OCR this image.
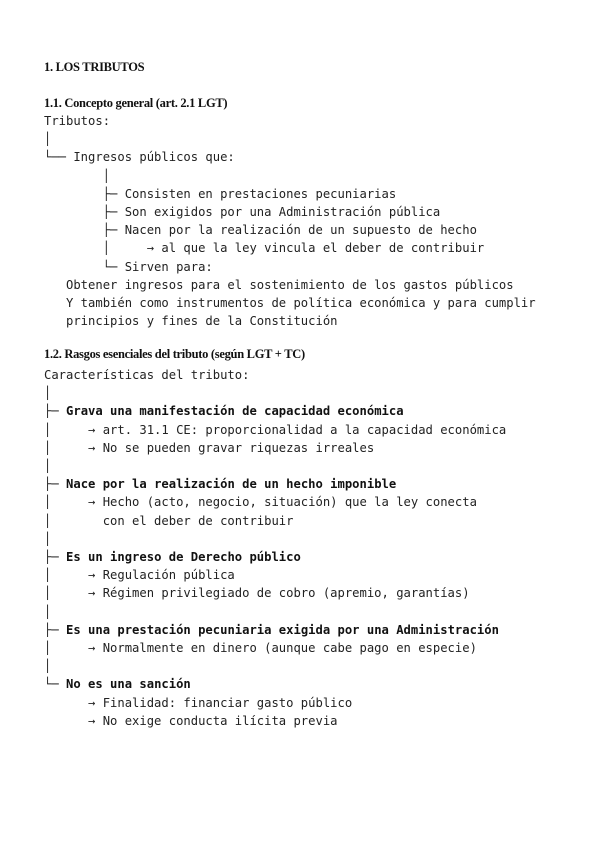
1. LOS TRIBUTOS
1.1. Concepto general (art. 2.1 LGT)
Tributos:
│
└── Ingresos públicos que:
│
├─ Consisten en prestaciones pecuniarias
├─ Son exigidos por una Administración pública
├─ Nacen por la realización de un supuesto de hecho
│     → al que la ley vincula el deber de contribuir
└─ Sirven para:
Obtener ingresos para el sostenimiento de los gastos públicos
Y también como instrumentos de política económica y para cumplir
principios y fines de la Constitución
1.2. Rasgos esenciales del tributo (según LGT + TC)
Características del tributo:
│
├─ Grava una manifestación de capacidad económica
│     → art. 31.1 CE: proporcionalidad a la capacidad económica
│     → No se pueden gravar riquezas irreales
│
├─ Nace por la realización de un hecho imponible
│     → Hecho (acto, negocio, situación) que la ley conecta
│       con el deber de contribuir
│
├─ Es un ingreso de Derecho público
│     → Regulación pública
│     → Régimen privilegiado de cobro (apremio, garantías)
│
├─ Es una prestación pecuniaria exigida por una Administración
│     → Normalmente en dinero (aunque cabe pago en especie)
│
└─ No es una sanción
→ Finalidad: financiar gasto público
→ No exige conducta ilícita previa
